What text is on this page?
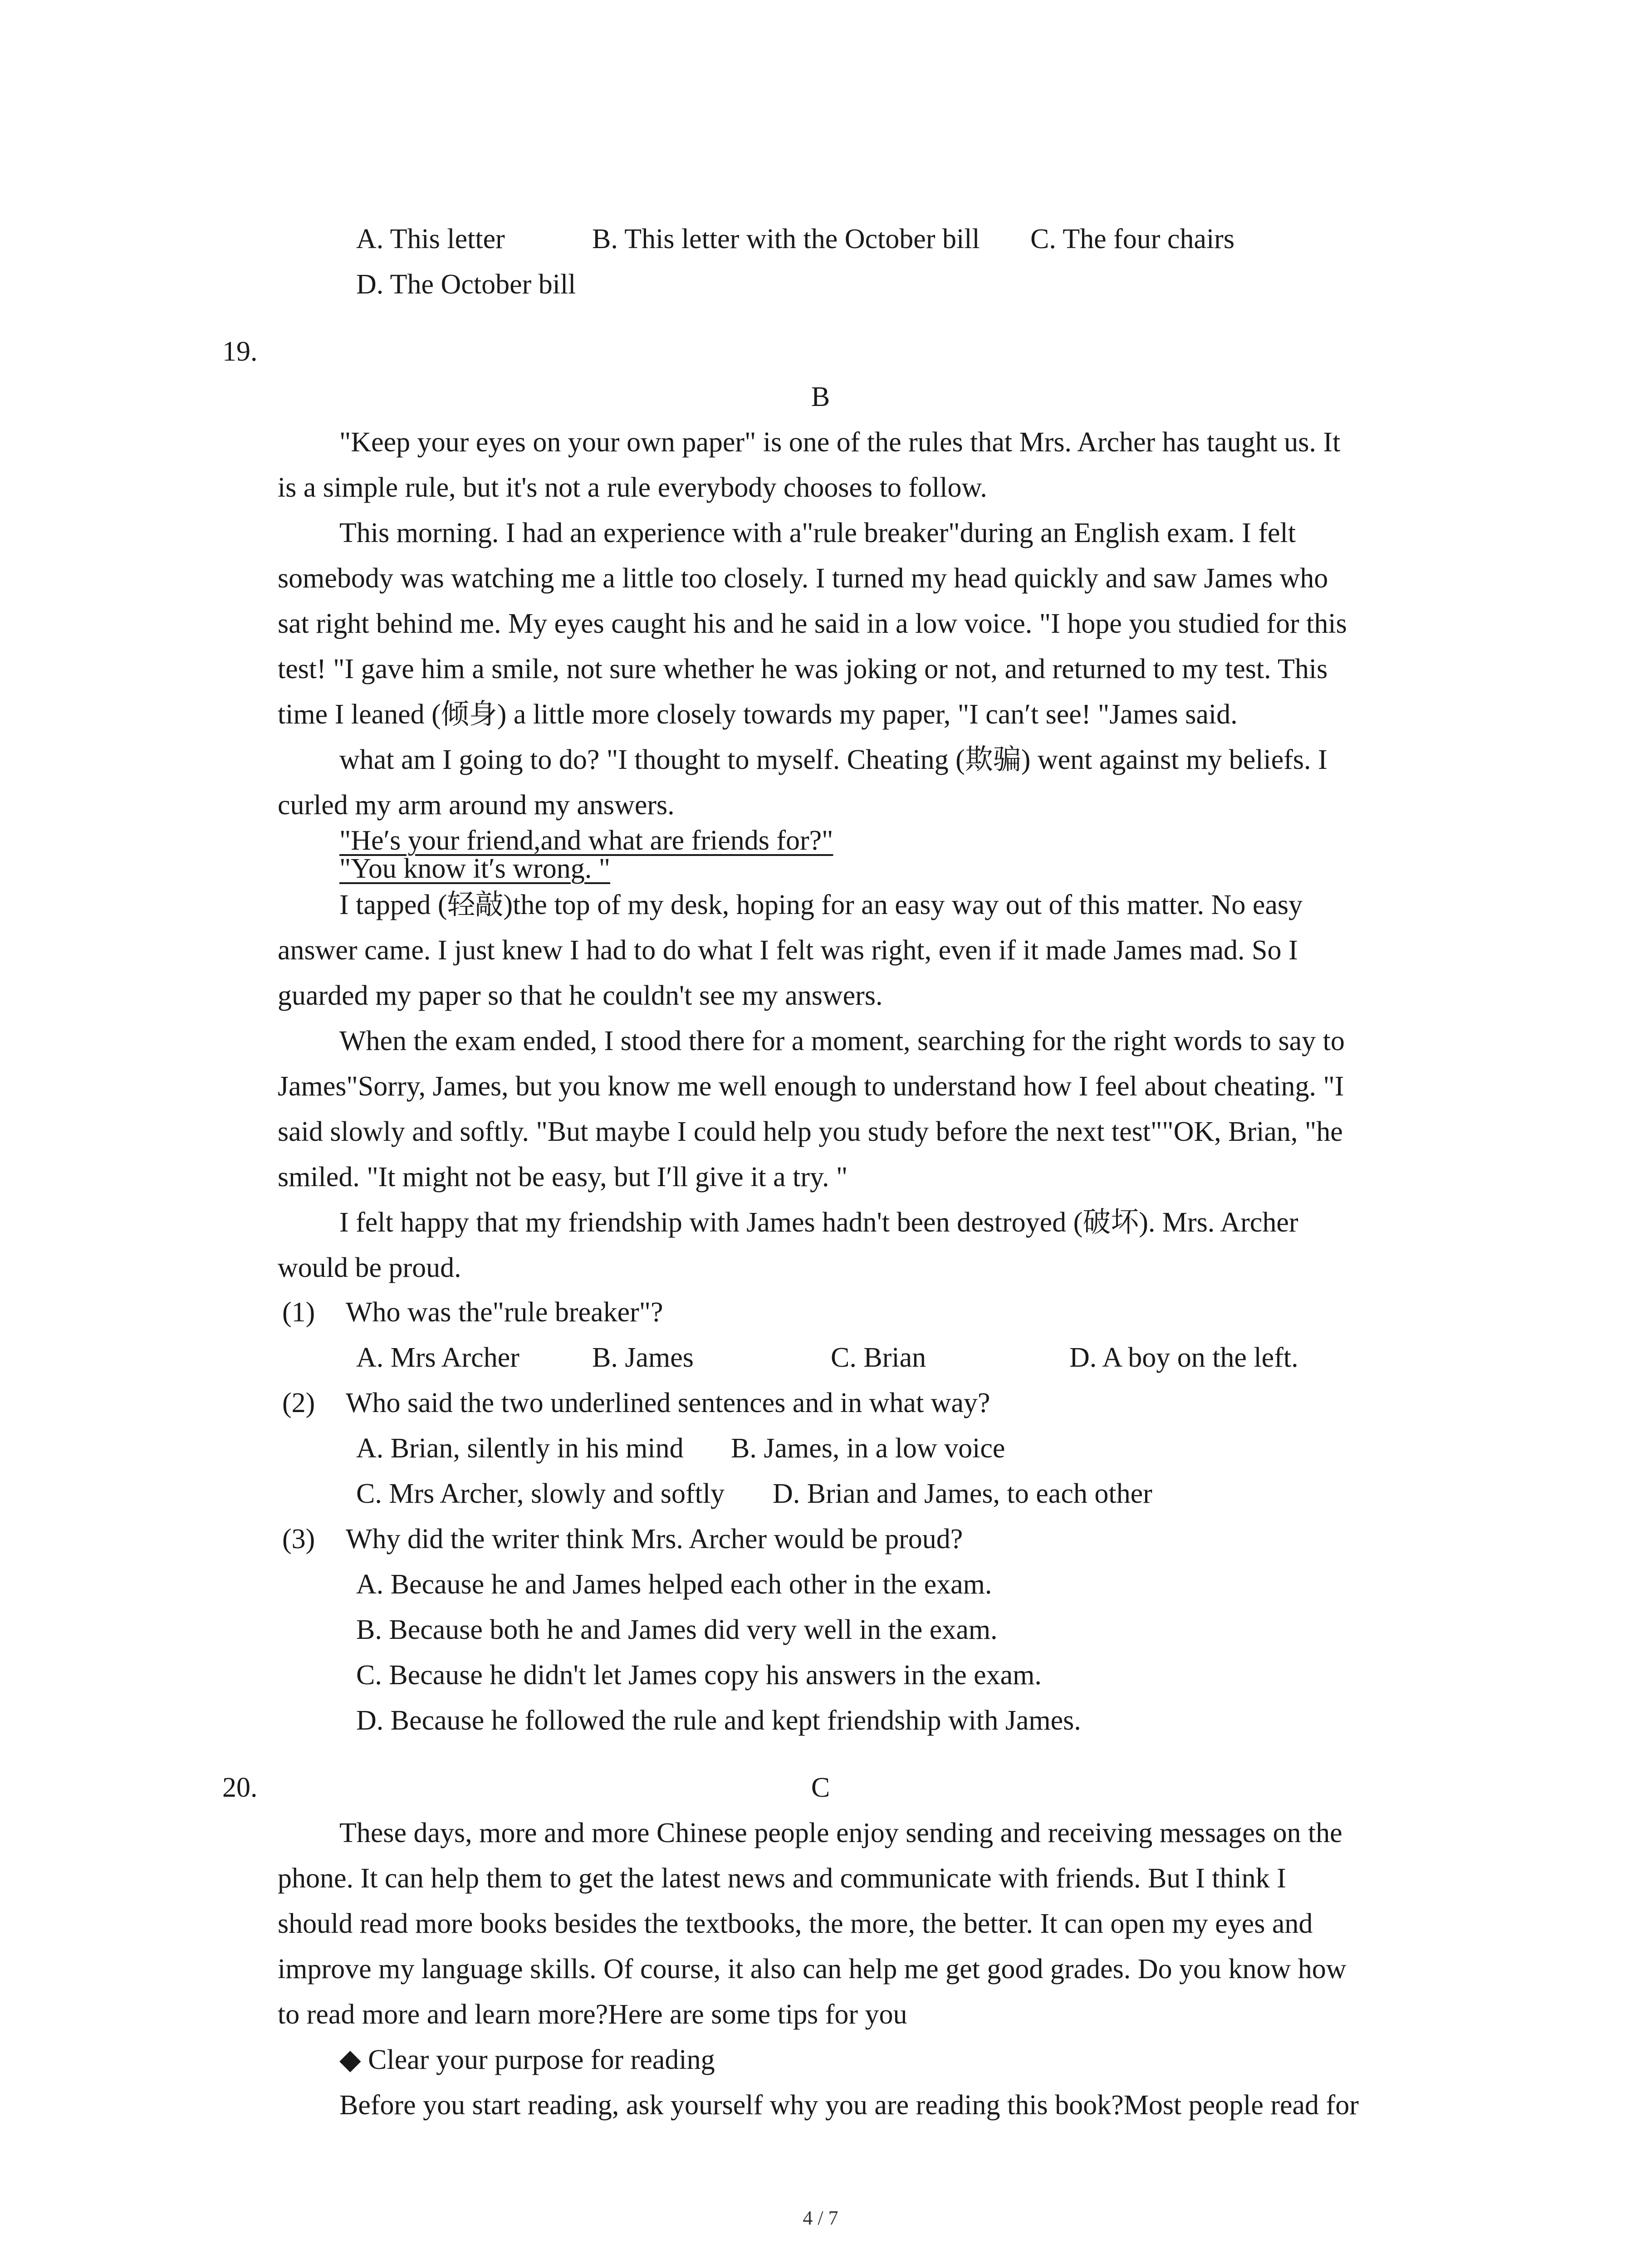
A. This letter	B. This letter with the October bill C. The four chairs
D. The October bill
19.
B
"Keep your eyes on your own paper" is one of the rules that Mrs. Archer has taught us. It
is a simple rule, but it's not a rule everybody chooses to follow.
This morning. I had an experience with a"rule breaker"during an English exam. I felt
somebody was watching me a little too closely. I turned my head quickly and saw James who
sat right behind me. My eyes caught his and he said in a low voice. "I hope you studied for this
test! "I gave him a smile, not sure whether he was joking or not, and returned to my test. This
time I leaned (倾身) a little more closely towards my paper, "I can′t see! "James said.
what am I going to do? "I thought to myself. Cheating (欺骗) went against my beliefs. I
curled my arm around my answers.
"He′s your friend,and what are friends for?"
"You know it′s wrong. "
I tapped (轻敲)the top of my desk, hoping for an easy way out of this matter. No easy
answer came. I just knew I had to do what I felt was right, even if it made James mad. So I
guarded my paper so that he couldn't see my answers.
When the exam ended, I stood there for a moment, searching for the right words to say to
James"Sorry, James, but you know me well enough to understand how I feel about cheating. "I
said slowly and softly. "But maybe I could help you study before the next test""OK, Brian, "he
smiled. "It might not be easy, but I′ll give it a try. "
I felt happy that my friendship with James hadn't been destroyed (破坏). Mrs. Archer
would be proud.
(1) Who was the"rule breaker"?
A. Mrs Archer	B. James	C. Brian	D. A boy on the left.
(2) Who said the two underlined sentences and in what way?
A. Brian, silently in his mind B. James, in a low voice
C. Mrs Archer, slowly and softly D. Brian and James, to each other
(3) Why did the writer think Mrs. Archer would be proud?
A. Because he and James helped each other in the exam.
B. Because both he and James did very well in the exam.
C. Because he didn't let James copy his answers in the exam.
D. Because he followed the rule and kept friendship with James.
20.	C
These days, more and more Chinese people enjoy sending and receiving messages on the
phone. It can help them to get the latest news and communicate with friends. But I think I
should read more books besides the textbooks, the more, the better. It can open my eyes and
improve my language skills. Of course, it also can help me get good grades. Do you know how
to read more and learn more?Here are some tips for you
◆ Clear your purpose for reading
Before you start reading, ask yourself why you are reading this book?Most people read for
4 / 7
